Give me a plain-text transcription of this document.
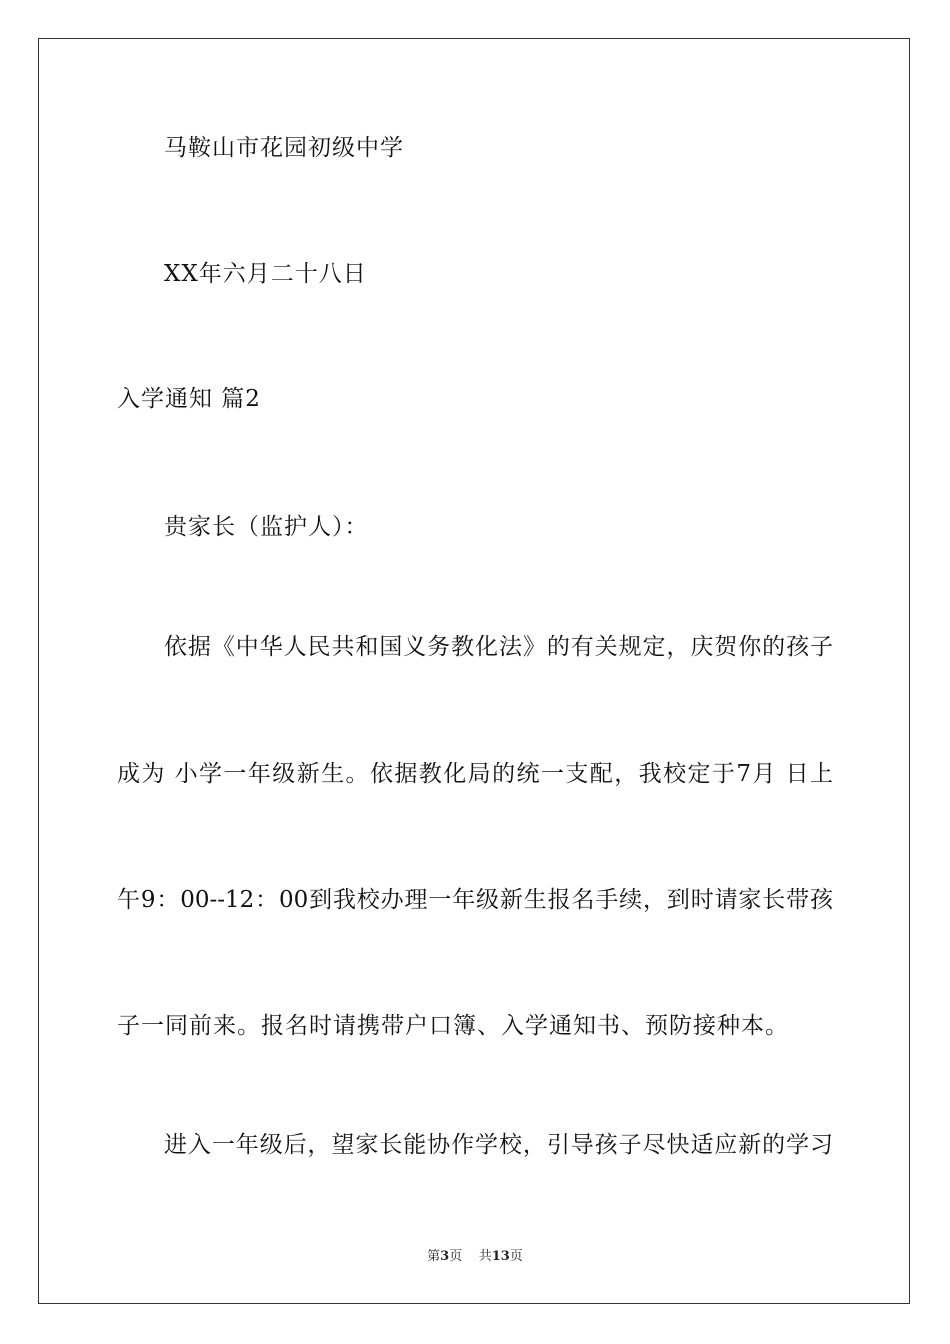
马鞍山市花园初级中学
XX年六月二十八日
入学通知 篇2
贵家长（监护人）：
依据《中华人民共和国义务教化法》的有关规定，庆贺你的孩子
成为 小学一年级新生。依据教化局的统一支配，我校定于7月 日上
午9：00--12：00到我校办理一年级新生报名手续，到时请家长带孩
子一同前来。报名时请携带户口簿、入学通知书、预防接种本。
进入一年级后，望家长能协作学校，引导孩子尽快适应新的学习
第3页 共13页
